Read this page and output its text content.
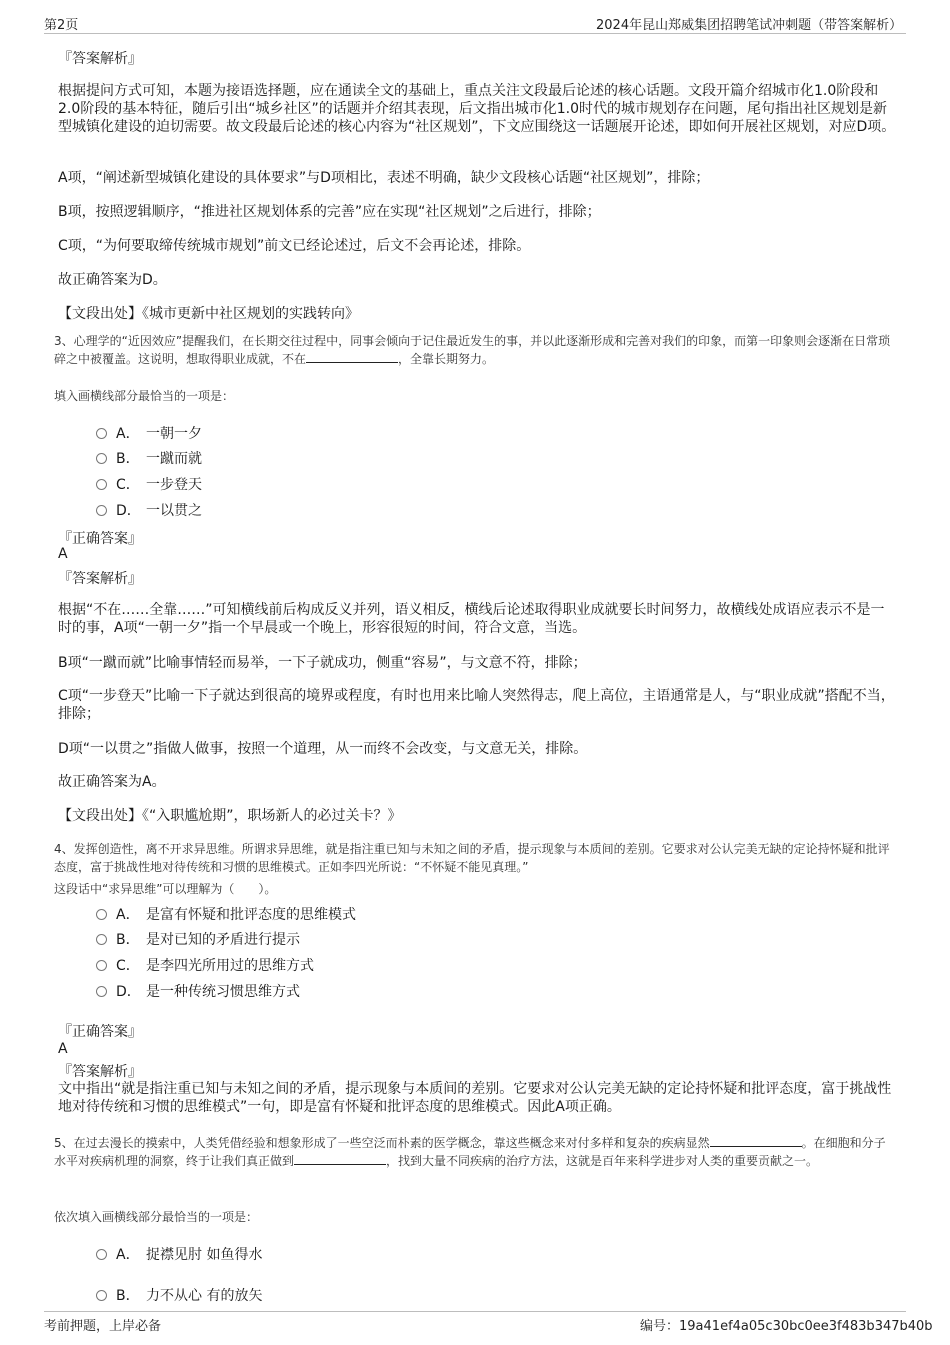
第2页	2024年昆山郑威集团招聘笔试冲刺题（带答案解析）
『答案解析』
根据提问方式可知，本题为接语选择题，应在通读全文的基础上，重点关注文段最后论述的核心话题。文段开篇介绍城市化1.0阶段和2.0阶段的基本特征，随后引出“城乡社区”的话题并介绍其表现，后文指出城市化1.0时代的城市规划存在问题，尾句指出社区规划是新型城镇化建设的迫切需要。故文段最后论述的核心内容为“社区规划”，下文应围绕这一话题展开论述，即如何开展社区规划，对应D项。
A项，“阐述新型城镇化建设的具体要求”与D项相比，表述不明确，缺少文段核心话题“社区规划”，排除；
B项，按照逻辑顺序，“推进社区规划体系的完善”应在实现“社区规划”之后进行，排除；
C项，“为何要取缔传统城市规划”前文已经论述过，后文不会再论述，排除。
故正确答案为D。
【文段出处】《城市更新中社区规划的实践转向》
3、心理学的“近因效应”提醒我们，在长期交往过程中，同事会倾向于记住最近发生的事，并以此逐渐形成和完善对我们的印象，而第一印象则会逐渐在日常琐碎之中被覆盖。这说明，想取得职业成就，不在	，全靠长期努力。
填入画横线部分最恰当的一项是：
A． 一朝一夕
B． 一蹴而就
C． 一步登天
D． 一以贯之
『正确答案』
A
『答案解析』
根据“不在……全靠……”可知横线前后构成反义并列，语义相反，横线后论述取得职业成就要长时间努力，故横线处成语应表示不是一时的事，A项“一朝一夕”指一个早晨或一个晚上，形容很短的时间，符合文意，当选。
B项“一蹴而就”比喻事情轻而易举，一下子就成功，侧重“容易”，与文意不符，排除；
C项“一步登天”比喻一下子就达到很高的境界或程度，有时也用来比喻人突然得志，爬上高位，主语通常是人，与“职业成就”搭配不当，排除；
D项“一以贯之”指做人做事，按照一个道理，从一而终不会改变，与文意无关，排除。
故正确答案为A。
【文段出处】《“入职尴尬期”，职场新人的必过关卡？》
4、发挥创造性，离不开求异思维。所谓求异思维，就是指注重已知与未知之间的矛盾，提示现象与本质间的差别。它要求对公认完美无缺的定论持怀疑和批评态度，富于挑战性地对待传统和习惯的思维模式。正如李四光所说：“不怀疑不能见真理。”
这段话中“求异思维”可以理解为（　　）。
A． 是富有怀疑和批评态度的思维模式
B． 是对已知的矛盾进行提示
C． 是李四光所用过的思维方式
D． 是一种传统习惯思维方式
『正确答案』
A
『答案解析』
文中指出“就是指注重已知与未知之间的矛盾，提示现象与本质间的差别。它要求对公认完美无缺的定论持怀疑和批评态度，富于挑战性地对待传统和习惯的思维模式”一句，即是富有怀疑和批评态度的思维模式。因此A项正确。
5、在过去漫长的摸索中，人类凭借经验和想象形成了一些空泛而朴素的医学概念，靠这些概念来对付多样和复杂的疾病显然	。在细胞和分子水平对疾病机理的洞察，终于让我们真正做到	，找到大量不同疾病的治疗方法，这就是百年来科学进步对人类的重要贡献之一。
依次填入画横线部分最恰当的一项是：
A． 捉襟见肘 如鱼得水
B． 力不从心 有的放矢
考前押题，上岸必备	编号：19a41ef4a05c30bc0ee3f483b347b40b
